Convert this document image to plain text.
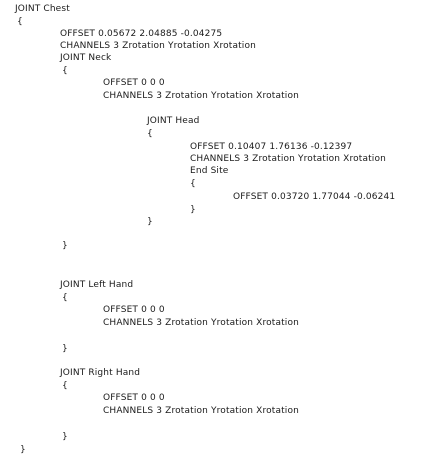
JOINT Chest
{
OFFSET 0.05672 2.04885 -0.04275
CHANNELS 3 Zrotation Yrotation Xrotation
JOINT Neck
{
OFFSET 0 0 0
CHANNELS 3 Zrotation Yrotation Xrotation
JOINT Head
{
OFFSET 0.10407 1.76136 -0.12397
CHANNELS 3 Zrotation Yrotation Xrotation
End Site
{
OFFSET 0.03720 1.77044 -0.06241
}
}
}
JOINT Left Hand
{
OFFSET 0 0 0
CHANNELS 3 Zrotation Yrotation Xrotation
}
JOINT Right Hand
{
OFFSET 0 0 0
CHANNELS 3 Zrotation Yrotation Xrotation
}
}
